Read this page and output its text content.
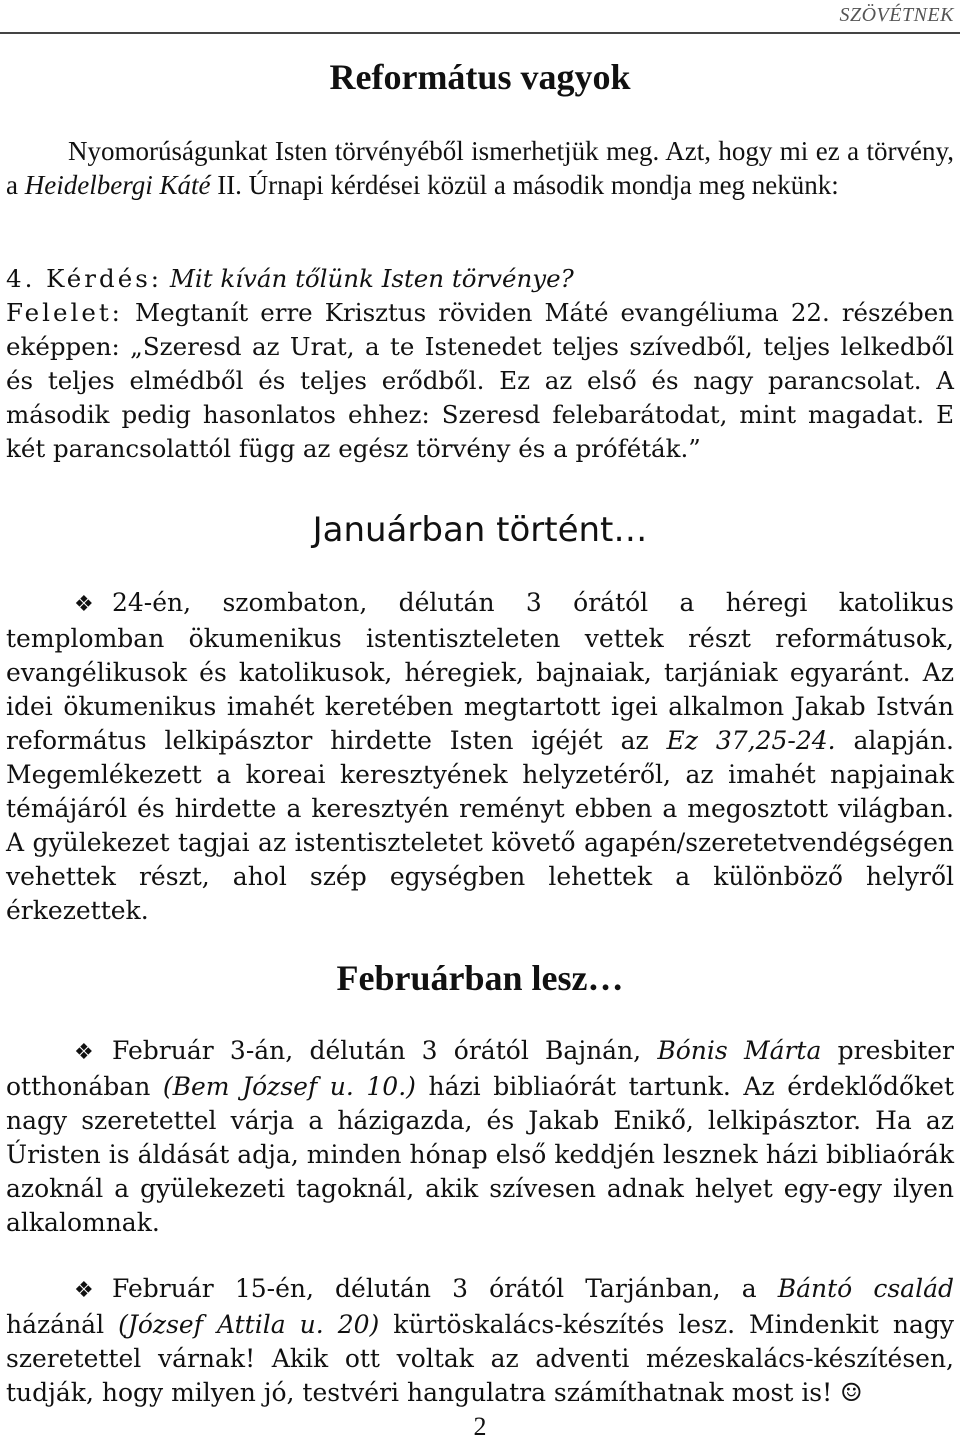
SZÖVÉTNEK
Református vagyok

Nyomorúságunkat Isten törvényéből ismerhetjük meg. Azt, hogy mi ez a törvény, a Heidelbergi Káté II. Úrnapi kérdései közül a második mondja meg nekünk:

4. Kérdés: Mit kíván tőlünk Isten törvénye?
Felelet: Megtanít erre Krisztus röviden Máté evangéliuma 22. részében eképpen: „Szeresd az Urat, a te Istenedet teljes szívedből, teljes lelkedből és teljes elmédből és teljes erődből. Ez az első és nagy parancsolat. A második pedig hasonlatos ehhez: Szeresd felebarátodat, mint magadat. E két parancsolattól függ az egész törvény és a próféták.”

Januárban történt…

❖ 24-én, szombaton, délután 3 órától a héregi katolikus templomban ökumenikus istentiszteleten vettek részt reformátusok, evangélikusok és katolikusok, héregiek, bajnaiak, tarjániak egyaránt. Az idei ökumenikus imahét keretében megtartott igei alkalmon Jakab István református lelkipásztor hirdette Isten igéjét az Ez 37,25-24. alapján. Megemlékezett a koreai keresztyének helyzetéről, az imahét napjainak témájáról és hirdette a keresztyén reményt ebben a megosztott világban. A gyülekezet tagjai az istentiszteletet követő agapén/szeretetvendégségen vehettek részt, ahol szép egységben lehettek a különböző helyről érkezettek.

Februárban lesz…

❖ Február 3-án, délután 3 órától Bajnán, Bónis Márta presbiter otthonában (Bem József u. 10.) házi bibliaórát tartunk. Az érdeklődőket nagy szeretettel várja a házigazda, és Jakab Enikő, lelkipásztor. Ha az Úristen is áldását adja, minden hónap első keddjén lesznek házi bibliaórák azoknál a gyülekezeti tagoknál, akik szívesen adnak helyet egy-egy ilyen alkalomnak.

❖ Február 15-én, délután 3 órától Tarjánban, a Bántó család házánál (József Attila u. 20) kürtöskalács-készítés lesz. Mindenkit nagy szeretettel várnak! Akik ott voltak az adventi mézeskalács-készítésen, tudják, hogy milyen jó, testvéri hangulatra számíthatnak most is! ☺

2
